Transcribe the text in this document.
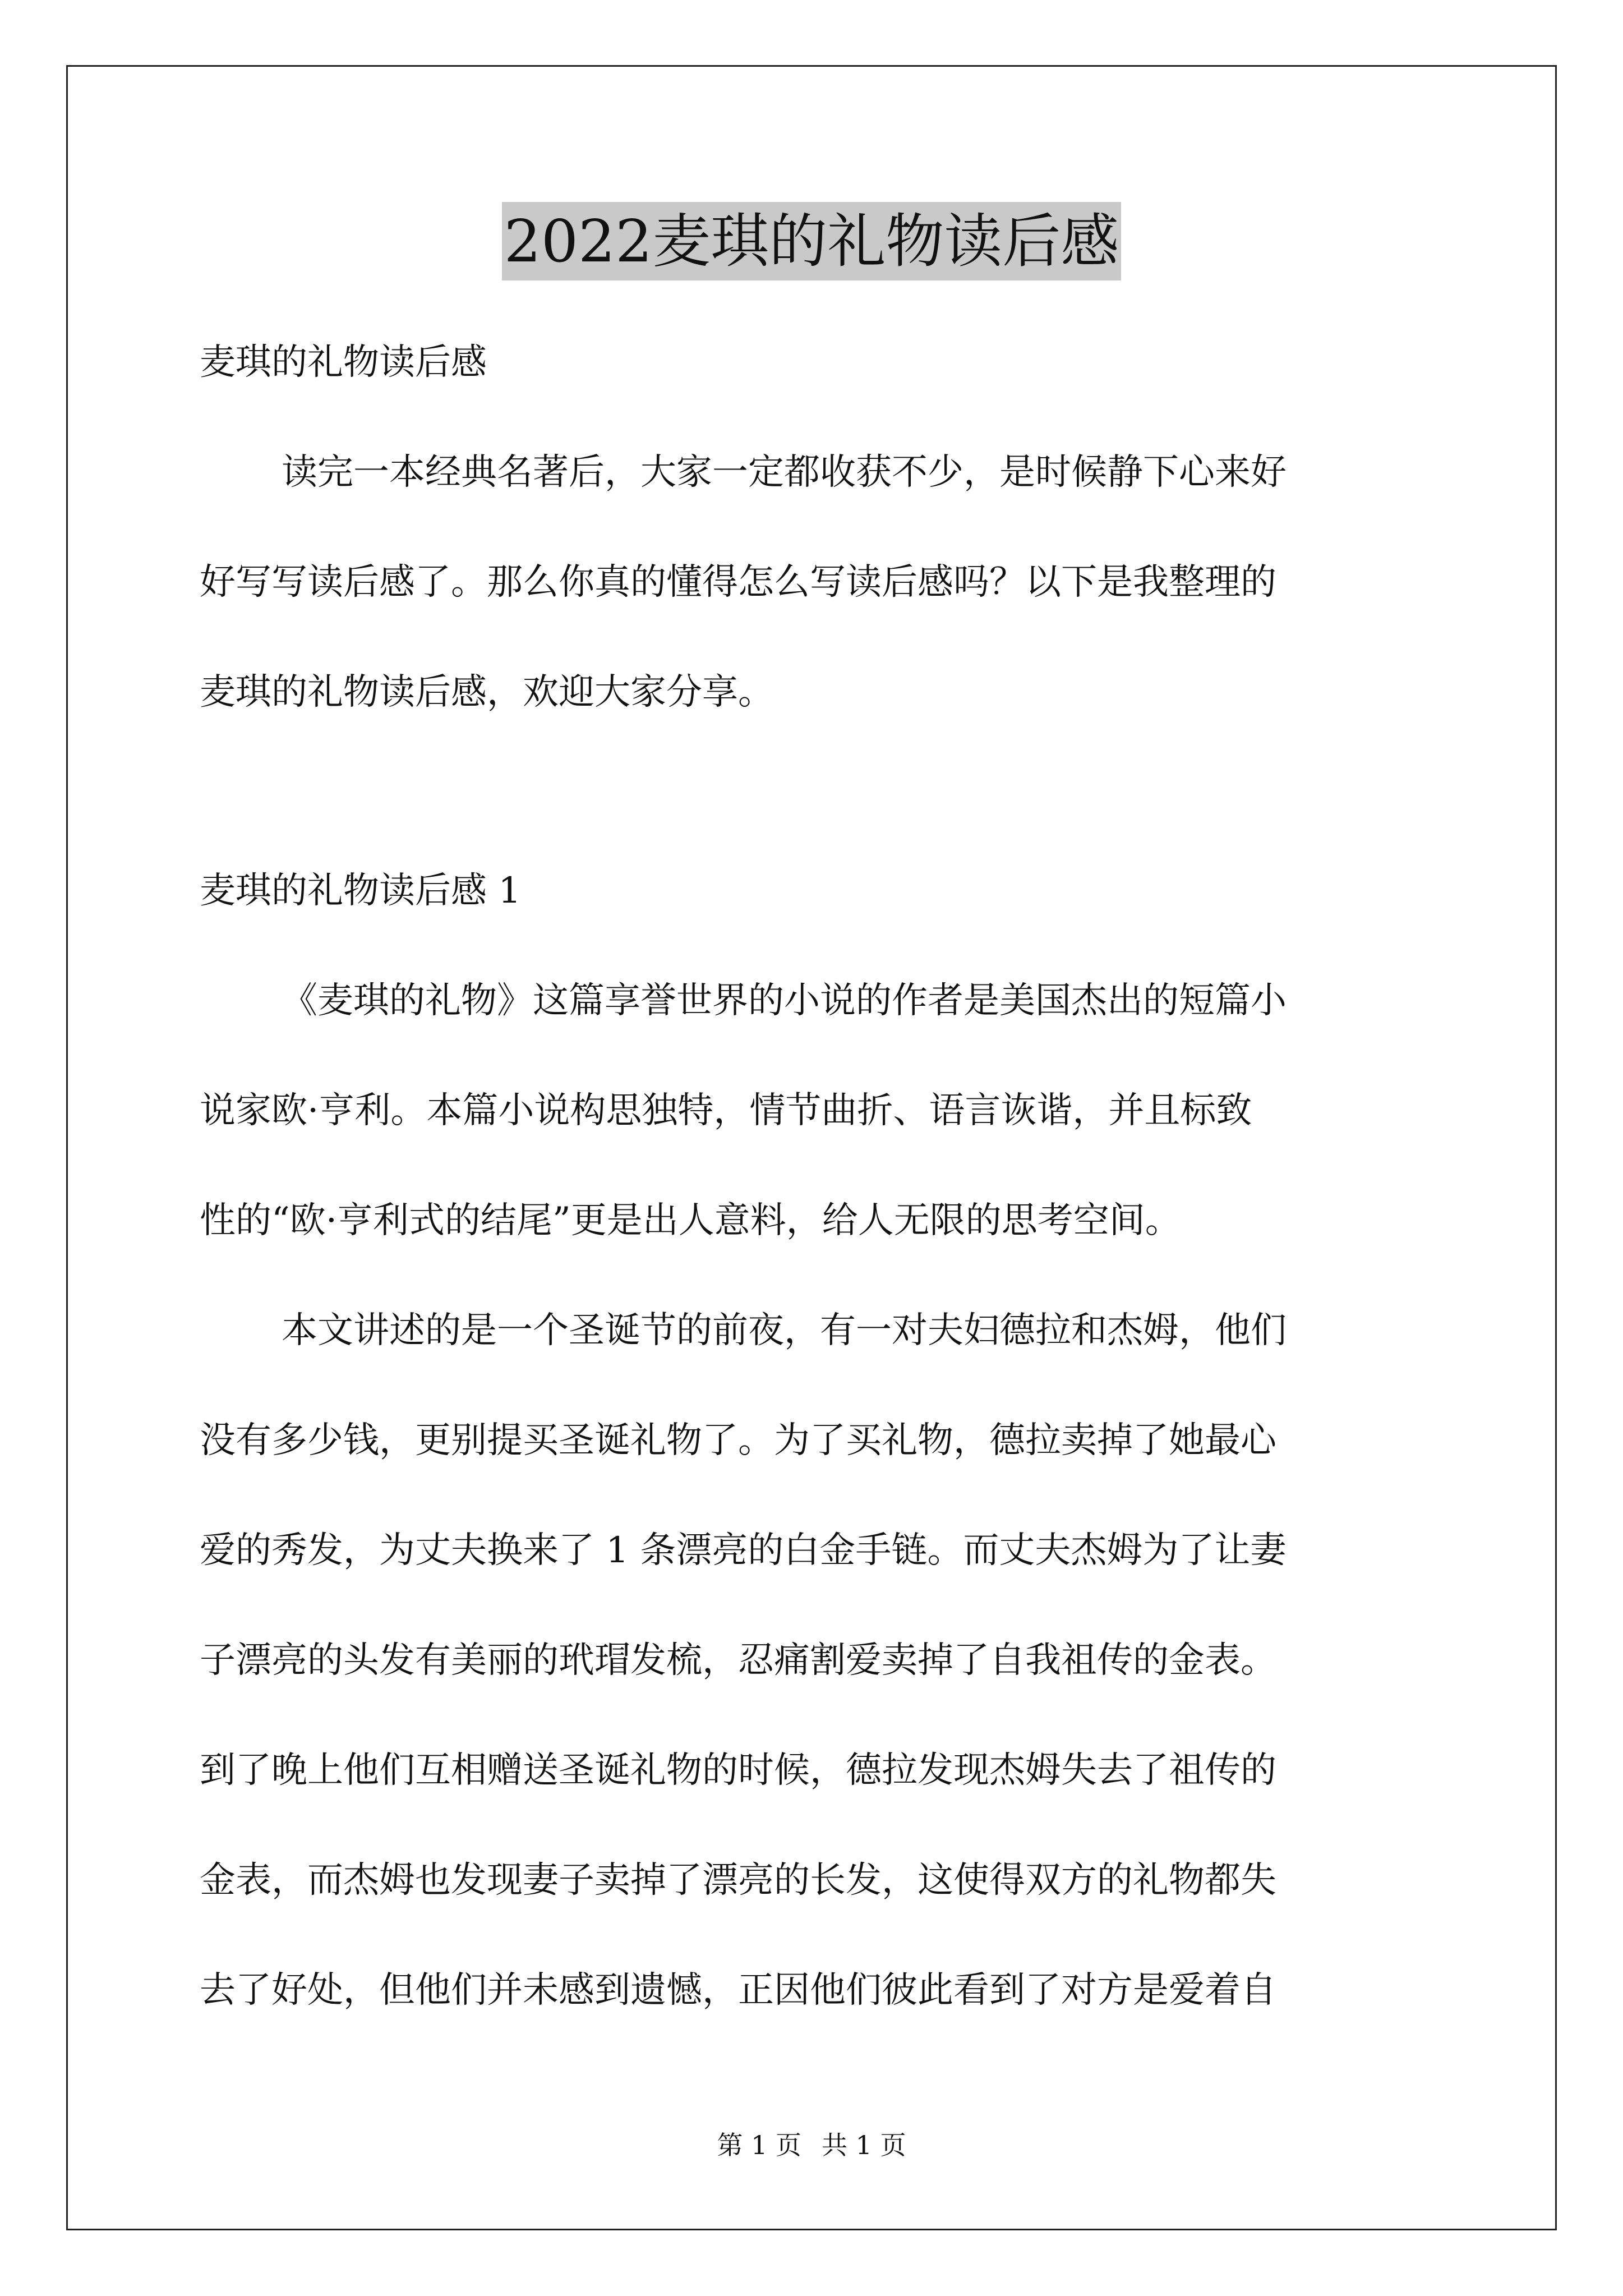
2022麦琪的礼物读后感
麦琪的礼物读后感
读完一本经典名著后，大家一定都收获不少，是时候静下心来好
好写写读后感了。那么你真的懂得怎么写读后感吗？以下是我整理的
麦琪的礼物读后感，欢迎大家分享。
麦琪的礼物读后感 1
《麦琪的礼物》这篇享誉世界的小说的作者是美国杰出的短篇小
说家欧·亨利。本篇小说构思独特，情节曲折、语言诙谐，并且标致
性的“欧·亨利式的结尾”更是出人意料，给人无限的思考空间。
本文讲述的是一个圣诞节的前夜，有一对夫妇德拉和杰姆，他们
没有多少钱，更别提买圣诞礼物了。为了买礼物，德拉卖掉了她最心
爱的秀发，为丈夫换来了 1 条漂亮的白金手链。而丈夫杰姆为了让妻
子漂亮的头发有美丽的玳瑁发梳，忍痛割爱卖掉了自我祖传的金表。
到了晚上他们互相赠送圣诞礼物的时候，德拉发现杰姆失去了祖传的
金表，而杰姆也发现妻子卖掉了漂亮的长发，这使得双方的礼物都失
去了好处，但他们并未感到遗憾，正因他们彼此看到了对方是爱着自
第 1 页 共 1 页
